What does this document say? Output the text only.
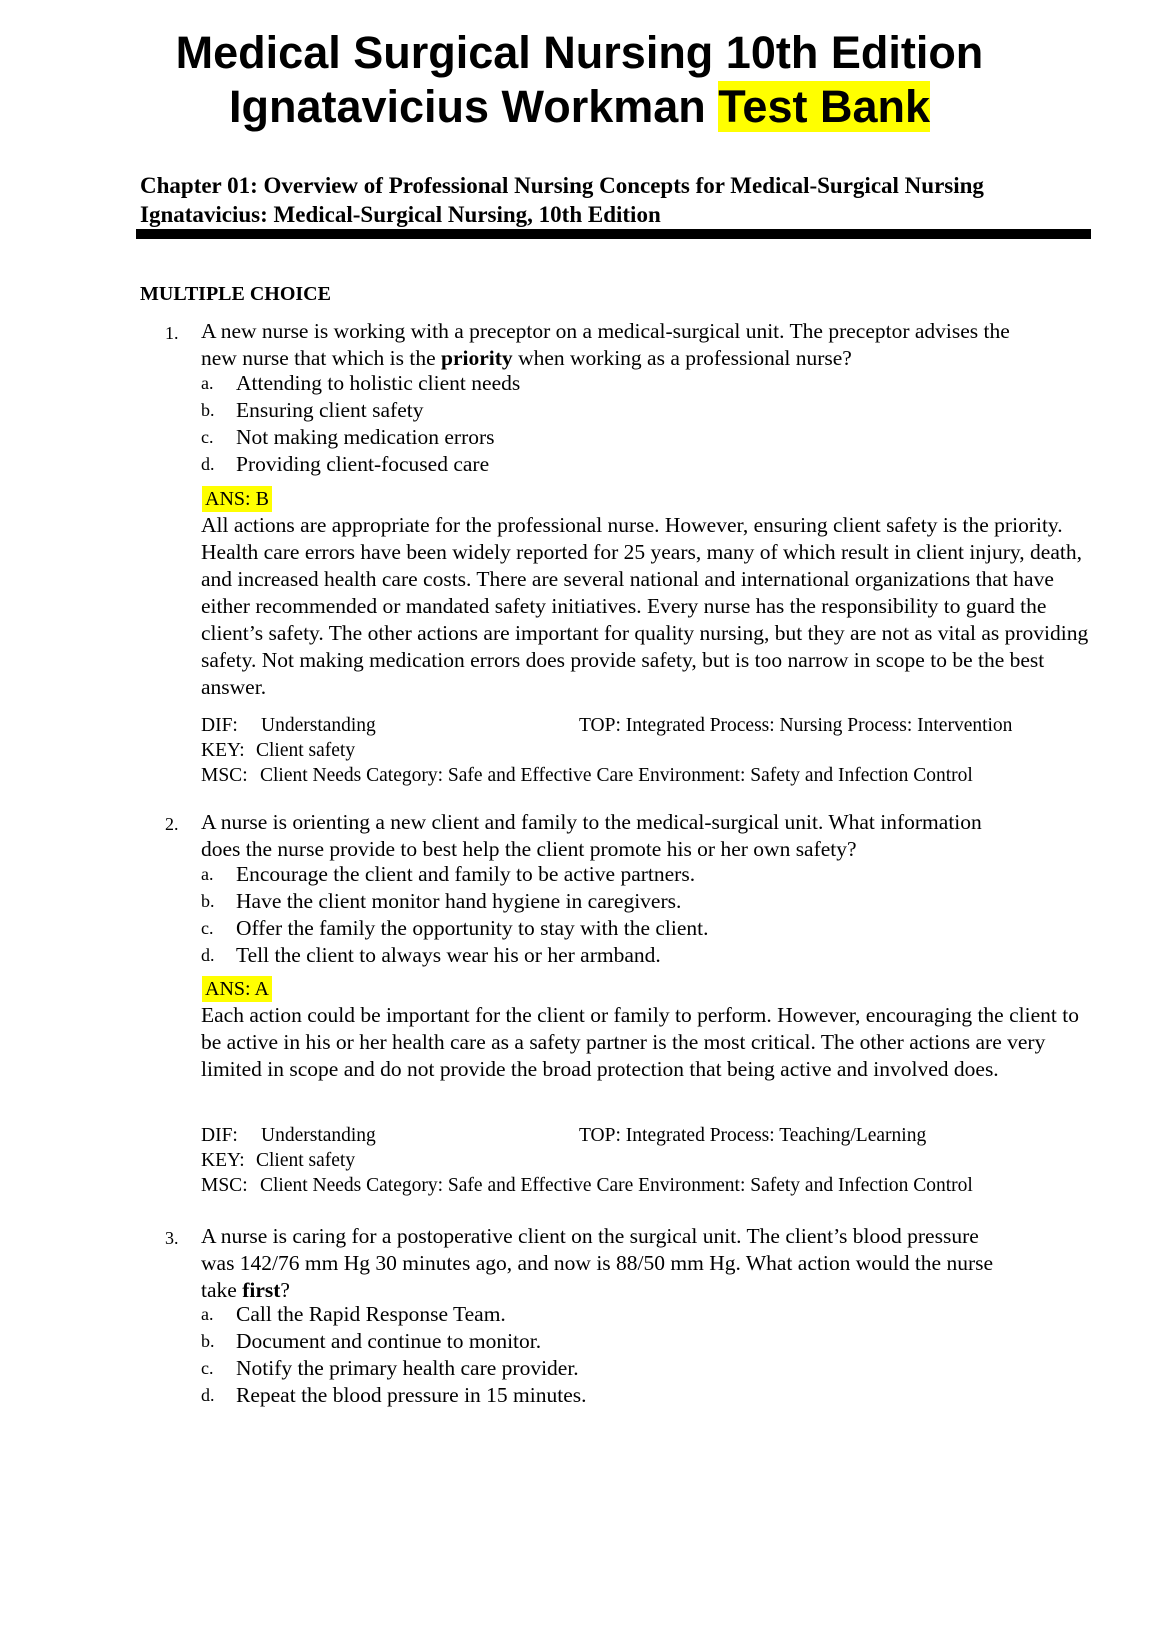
Medical Surgical Nursing 10th Edition
Ignatavicius Workman Test Bank
Chapter 01: Overview of Professional Nursing Concepts for Medical-Surgical Nursing
Ignatavicius: Medical-Surgical Nursing, 10th Edition
MULTIPLE CHOICE
1. A new nurse is working with a preceptor on a medical-surgical unit. The preceptor advises the
new nurse that which is the priority when working as a professional nurse?
a. Attending to holistic client needs
b. Ensuring client safety
c. Not making medication errors
d. Providing client-focused care
ANS: B
All actions are appropriate for the professional nurse. However, ensuring client safety is the priority. Health care errors have been widely reported for 25 years, many of which result in client injury, death, and increased health care costs. There are several national and international organizations that have either recommended or mandated safety initiatives. Every nurse has the responsibility to guard the client’s safety. The other actions are important for quality nursing, but they are not as vital as providing safety. Not making medication errors does provide safety, but is too narrow in scope to be the best answer.
DIF: Understanding	TOP: Integrated Process: Nursing Process: Intervention
KEY: Client safety
MSC: Client Needs Category: Safe and Effective Care Environment: Safety and Infection Control
2. A nurse is orienting a new client and family to the medical-surgical unit. What information
does the nurse provide to best help the client promote his or her own safety?
a. Encourage the client and family to be active partners.
b. Have the client monitor hand hygiene in caregivers.
c. Offer the family the opportunity to stay with the client.
d. Tell the client to always wear his or her armband.
ANS: A
Each action could be important for the client or family to perform. However, encouraging the client to be active in his or her health care as a safety partner is the most critical. The other actions are very limited in scope and do not provide the broad protection that being active and involved does.
DIF: Understanding	TOP: Integrated Process: Teaching/Learning
KEY: Client safety
MSC: Client Needs Category: Safe and Effective Care Environment: Safety and Infection Control
3. A nurse is caring for a postoperative client on the surgical unit. The client’s blood pressure
was 142/76 mm Hg 30 minutes ago, and now is 88/50 mm Hg. What action would the nurse
take first?
a. Call the Rapid Response Team.
b. Document and continue to monitor.
c. Notify the primary health care provider.
d. Repeat the blood pressure in 15 minutes.
